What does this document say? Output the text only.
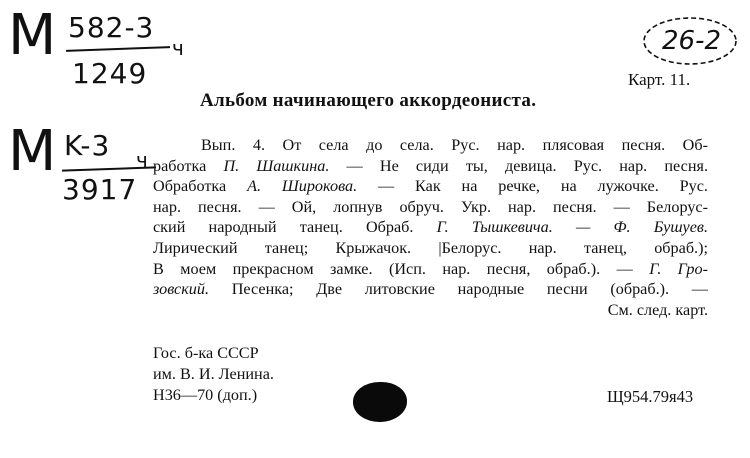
М 582-3
1249
ч
М K-3
3917
ч
26-2
Карт. 11.
Альбом начинающего аккордеониста.
Вып. 4. От села до села. Рус. нар. плясовая песня. Об-
работка П. Шашкина. — Не сиди ты, девица. Рус. нар. песня.
Обработка А. Широкова. — Как на речке, на лужочке. Рус.
нар. песня. — Ой, лопнув обруч. Укр. нар. песня. — Белорус-
ский народный танец. Обраб. Г. Тышкевича. — Ф. Бушуев.
Лирический танец; Крыжачок. |Белорус. нар. танец, обраб.);
В моем прекрасном замке. (Исп. нар. песня, обраб.). — Г. Гро-
зовский. Песенка; Две литовские народные песни (обраб.). —
См. след. карт.
Гос. б-ка СССР
им. В. И. Ленина.
Н36—70 (доп.)	Щ954.79я43
